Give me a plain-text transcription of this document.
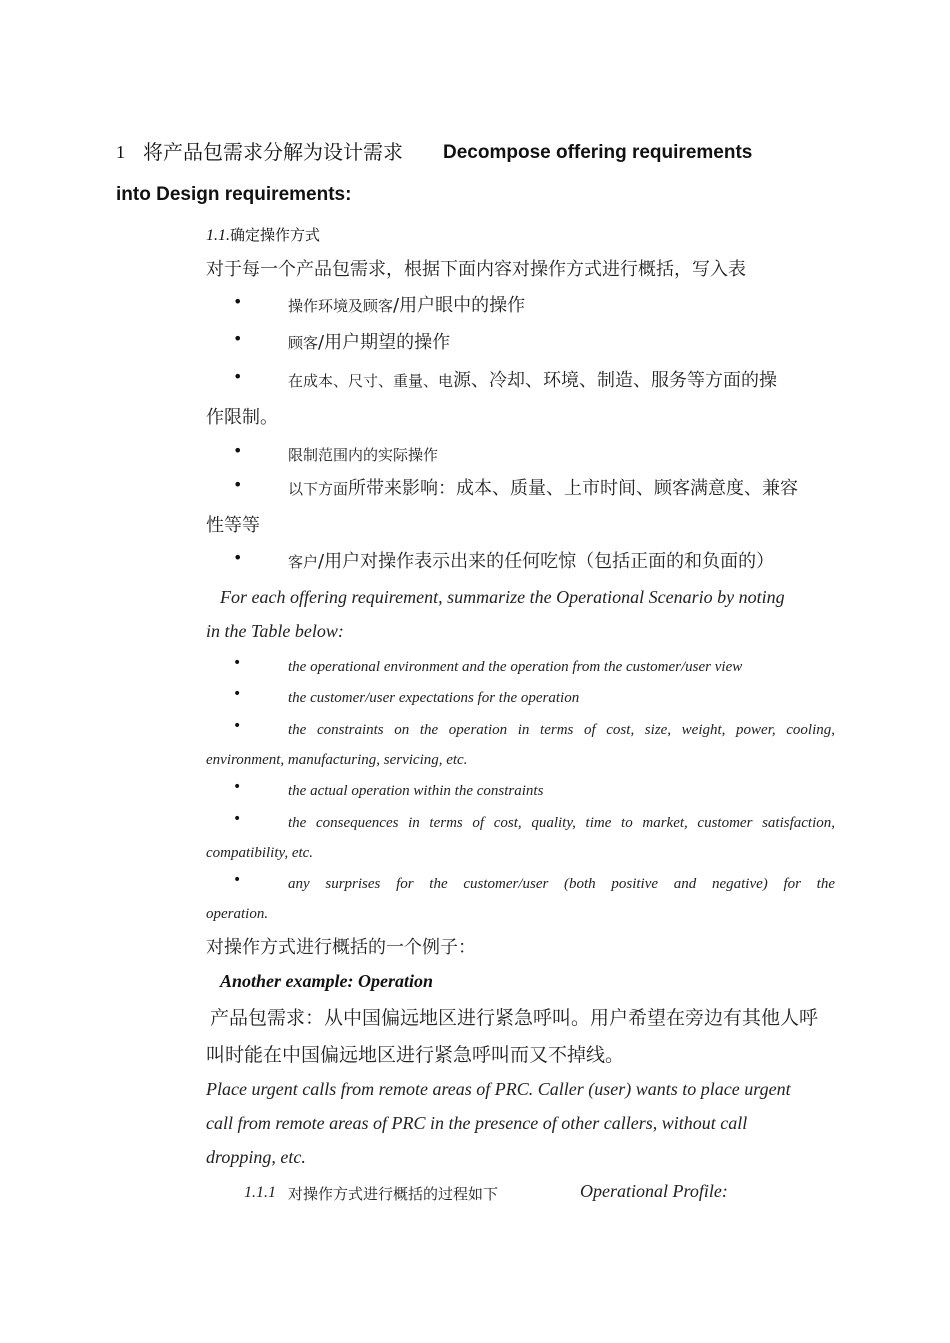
1 将产品包需求分解为设计需求 Decompose offering requirements
into Design requirements:
1.1.确定操作方式
对于每一个产品包需求，根据下面内容对操作方式进行概括，写入表
•	操作环境及顾客/用户眼中的操作
•	顾客/用户期望的操作
•	在成本、尺寸、重量、电源、冷却、环境、制造、服务等方面的操
作限制。
•	限制范围内的实际操作
•	以下方面所带来影响：成本、质量、上市时间、顾客满意度、兼容
性等等
•	客户/用户对操作表示出来的任何吃惊（包括正面的和负面的）
For each offering requirement, summarize the Operational Scenario by noting
in the Table below:
•	the operational environment and the operation from the customer/user view
•	the customer/user expectations for the operation
•	the constraints on the operation in terms of cost, size, weight, power, cooling,
environment, manufacturing, servicing, etc.
•	the actual operation within the constraints
•	the consequences in terms of cost, quality, time to market, customer satisfaction,
compatibility, etc.
•	any surprises for the customer/user (both positive and negative) for the
operation.
对操作方式进行概括的一个例子：
Another example: Operation
产品包需求：从中国偏远地区进行紧急呼叫。用户希望在旁边有其他人呼
叫时能在中国偏远地区进行紧急呼叫而又不掉线。
Place urgent calls from remote areas of PRC. Caller (user) wants to place urgent
call from remote areas of PRC in the presence of other callers, without call
dropping, etc.
1.1.1 对操作方式进行概括的过程如下	Operational Profile:
